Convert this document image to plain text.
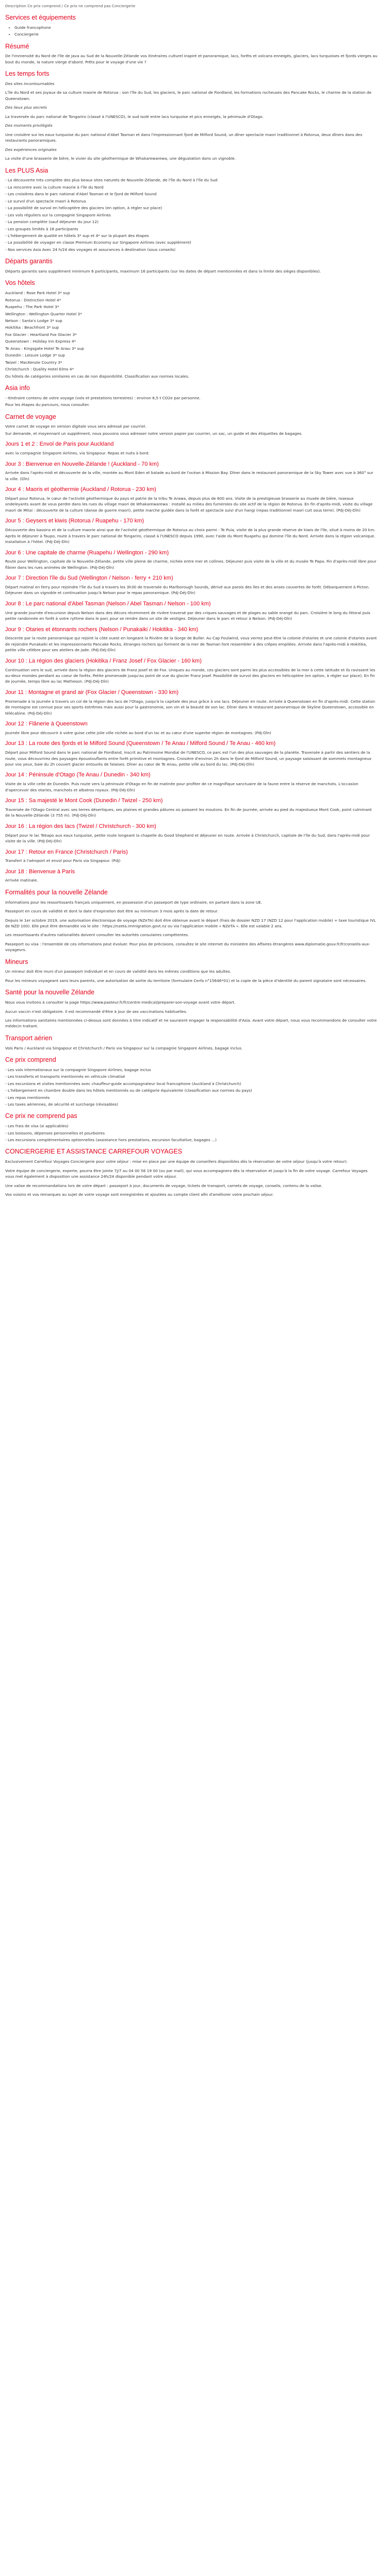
Description Ce prix comprend / Ce prix ne comprend pas Conciergerie
Services et équipements
• Guide francophone
• Conciergerie
Résumé

De l'immensité du Nord de l'île de Java au Sud de la Nouvelle-Zélande vos itinéraires culturel inspiré et panoramique, lacs, forêts et volcans enneigés, glaciers, lacs turquoises et fjords vierges au bout du monde, la nature vierge d'abord. Prêts pour le voyage d'une vie ?

Les temps forts

Des sites incontournables

L'île du Nord et ses joyaux de sa culture maorie de Rotorua : son l'île du Sud, les glaciers, le parc national de Fiordland, les formations rocheuses des Pancake Rocks, le charme de la station de Queenstown.

Des lieux plus secrets

La traversée du parc national de Tongariro (classé à l'UNESCO), le sud isolé entre lacs turquoise et pics enneigés, la péninsule d'Otago.

Des moments privilégiés

Une croisière sur les eaux turquoise du parc national d'Abel Tasman et dans l'impressionnant fjord de Milford Sound, un dîner spectacle maori traditionnel à Rotorua, deux dîners dans des restaurants panoramiques.

Des expériences originales

La visite d'une brasserie de bière, le vivier du site géothermique de Whakarewarewa, une dégustation dans un vignoble.

Les PLUS Asia

- La découverte très complète des plus beaux sites naturels de Nouvelle-Zélande, de l'île du Nord à l'île du Sud

- La rencontre avec la culture maorie à l'île du Nord

- Les croisières dans le parc national d'Abel Tasman et le fjord de Milford Sound

- Le survol d'un spectacle maori à Rotorua

- La possibilité de survol en hélicoptère des glaciers (en option, à régler sur place)

- Les vols réguliers sur la compagnie Singapore Airlines

- La pension complète (sauf déjeuner du jour 12)

- Les groupes limités à 16 participants

- L'hébergement de qualité en hôtels 3* sup et 4* sur la plupart des étapes

- La possibilité de voyager en classe Premium Economy sur Singapore Airlines (avec supplément)

- Nos services Asia Avec 24 h/24 des voyages et assurances à destination (sous conseils)

Départs garantis

Départs garantis sans supplément minimum 6 participants, maximum 16 participants (sur les dates de départ mentionnées et dans la limite des sièges disponibles).

Vos hôtels

Auckland : Rose Park Hotel 3* sup

Rotorua : Distinction Hotel 4*

Ruapehu : The Park Hotel 3*

Wellington : Wellington Quarter Hotel 3*

Nelson : Santa's Lodge 3* sup

Hokitika : Beachfront 3* sup

Fox Glacier : Heartland Fox Glacier 3*

Queenstown : Holiday Inn Express 4*

Te Anau : Kingsgate Hotel Te Anau 3* sup

Dunedin : Leisure Lodge 3* sup

Twizel : MacKenzie Country 3*

Christchurch : Quality Hotel Elms 4*

Ou hôtels de catégories similaires en cas de non disponibilité. Classification aux normes locales.

Asia info

- Itinéraire contenu de votre voyage (vols et prestations terrestres) : environ 6,5 t CO2e par personne.

Pour les étapes du parcours, nous consulter.

Carnet de voyage

Votre carnet de voyage en version digitale vous sera adressé par courriel.

Sur demande, et moyennant un supplément, nous pouvons vous adresser notre version papier par courrier, un sac, un guide et des étiquettes de bagages.

Jours 1 et 2 : Envol de Paris pour Auckland

avec la compagnie Singapore Airlines, via Singapour. Repas et nuits à bord.

Jour 3 : Bienvenue en Nouvelle-Zélande ! (Auckland - 70 km)

Arrivée dans l'après-midi et découverte de la ville, montée au Mont Eden et balade au bord de l'océan à Mission Bay. Dîner dans le restaurant panoramique de la Sky Tower avec vue à 360° sur la ville. (Dîn)

Jour 4 : Maoris et géothermie (Auckland / Rotorua - 230 km)

Départ pour Rotorua, le cœur de l'activité géothermique du pays et patrie de la tribu Te Arawa, depuis plus de 600 ans. Visite de la prestigieuse brasserie au musée de bière, roseaux ondeleyants avant de vous perdre dans les rues du village maori de Whakarewarewa : installé au milieu des fumeroles du site actif de la région de Rotorua. En fin d'après-midi, visite du village maori de Mitai : découverte de la culture (danse de guerre maori), petite marche guidée dans la forêt et spectacle suivi d'un hangi (repas traditionnel maori cuit sous terre). (Pdj-Déj-Dîn)

Jour 5 : Geysers et kiwis (Rotorua / Ruapehu - 170 km)

Découverte des bassins et de la culture maorie ainsi que de l'activité géothermique de Rotorua au choix parmi : Te Puia, visite de la plus grande réserve de kiwis de l'île, situé à moins de 20 km. Après le déjeuner à Taupo, route à travers le parc national de Tongariro, classé à l'UNESCO depuis 1990, avec l'aide du Mont Ruapehu qui domine l'île du Nord. Arrivée dans la région volcanique. Installation à l'hôtel. (Pdj-Déj-Dîn)

Jour 6 : Une capitale de charme (Ruapehu / Wellington - 290 km)

Route pour Wellington, capitale de la Nouvelle-Zélande, petite ville pleine de charme, nichée entre mer et collines. Déjeuner puis visite de la ville et du musée Te Papa. Fin d'après-midi libre pour flâner dans les rues animées de Wellington. (Pdj-Déj-Dîn)

Jour 7 : Direction l'île du Sud (Wellington / Nelson - ferry + 210 km)

Départ matinal en ferry pour rejoindre l'île du Sud à travers les 3h30 de traversée du Marlborough Sounds, dérivé aux parois des îles et des anses couvertes de forêt. Débarquement à Picton. Déjeuner dans un vignoble et continuation jusqu'à Nelson pour le repas panoramique. (Pdj-Déj-Dîn)

Jour 8 : Le parc national d'Abel Tasman (Nelson / Abel Tasman / Nelson - 100 km)

Une grande journée d'excursion depuis Nelson dans des décors récemment de rivière traversé par des criques sauvages et de plages au sable orangé du parc. Croisière le long du littoral puis petite randonnée en forêt à votre rythme dans le parc pour se rendre dans un site de vestiges. Déjeuner dans le parc et retour à Nelson. (Pdj-Déj-Dîn)

Jour 9 : Otaries et étonnants rochers (Nelson / Punakaiki / Hokitika - 340 km)

Descente par la route panoramique qui rejoint la côte ouest en longeant la Rivière de la Gorge de Buller. Au Cap Foulwind, vous verrez peut-être la colonie d'otaries et une colonie d'otaries avant de rejoindre Punakaiki et les impressionnants Pancake Rocks, étranges rochers qui forment de la mer de Tasman font ressembler à des crêpes empilées. Arrivée dans l'après-midi à Hokitika, petite ville célèbre pour ses ateliers de jade. (Pdj-Déj-Dîn)

Jour 10 : La région des glaciers (Hokitika / Franz Josef / Fox Glacier - 160 km)

Continuation vers le sud, arrivée dans la région des glaciers de Franz Josef et de Fox. Uniques au monde, ces glaciers sont parmi les plus accessibles de la mer à cette latitude et ils ravissent les au-deux mondes pendant au coeur de forêts. Petite promenade jusqu'au point de vue du glacier Franz Josef. Possibilité de survol des glaciers en hélicoptère (en option, à régler sur place). En fin de journée, temps libre au lac Matheson. (Pdj-Déj-Dîn)

Jour 11 : Montagne et grand air (Fox Glacier / Queenstown - 330 km)

Promenade à la journée à travers un col de la région des lacs de l'Otago, jusqu'à la capitale des jeux grâce à vos lacs. Déjeuner en route. Arrivée à Queenstown en fin d'après-midi. Cette station de montagne est connue pour ses sports extrêmes mais aussi pour la gastronomie, son vin et la beauté de son lac. Dîner dans le restaurant panoramique de Skyline Queenstown, accessible en télécabine. (Pdj-Déj-Dîn)

Jour 12 : Flânerie à Queenstown

Journée libre pour découvrir à votre guise cette jolie ville nichée au bord d'un lac et au cœur d'une superbe région de montagnes. (Pdj-Dîn)

Jour 13 : La route des fjords et le Milford Sound (Queenstown / Te Anau / Milford Sound / Te Anau - 460 km)

Départ pour Milford Sound dans le parc national de Fiordland, inscrit au Patrimoine Mondial de l'UNESCO, ce parc est l'un des plus sauvages de la planète. Traversée à partir des sentiers de la route, vous découvrirez des paysages époustouflants entre forêt primitive et montagnes. Croisière d'environ 2h dans le fjord de Milford Sound, un paysage saisissant de sommets montagneux pour vos yeux, baie du 2h couvert glacier entourés de falaises. Dîner au cœur de Te Anau, petite ville au bord du lac. (Pdj-Déj-Dîn)

Jour 14 : Péninsule d'Otago (Te Anau / Dunedin - 340 km)

Visite de la ville celte de Dunedin. Puis route vers la péninsule d'Otago en fin de matinée pour profiter de ce magnifique sanctuaire de la faune entre la réserve de manchots. L'occasion d'apercevoir des otaries, manchots et albatros royaux. (Pdj-Déj-Dîn)

Jour 15 : Sa majesté le Mont Cook (Dunedin / Twizel - 250 km)

Traversée de l'Otago Central avec ses terres désertiques, ses plaines et grandes pâtures où paissent les moutons. En fin de journée, arrivée au pied du majestueux Mont Cook, point culminant de la Nouvelle-Zélande (3 755 m). (Pdj-Déj-Dîn)

Jour 16 : La région des lacs (Twizel / Christchurch - 300 km)

Départ pour le lac Tekapo aux eaux turquoise, petite route longeant la chapelle du Good Shepherd et déjeuner en route. Arrivée à Christchurch, capitale de l'île du Sud, dans l'après-midi pour visite de la ville. (Pdj-Déj-Dîn)

Jour 17 : Retour en France (Christchurch / Paris)

Transfert à l'aéroport et envol pour Paris via Singapour. (Pdj)

Jour 18 : Bienvenue à Paris

Arrivée matinale.

Formalités pour la nouvelle Zélande

Informations pour les ressortissants français uniquement, en possession d'un passeport de type ordinaire, en partant dans la zone UE.

Passeport en cours de validité et dont la date d'expiration doit être au minimum 3 mois après la date de retour.

Depuis le 1er octobre 2019, une autorisation électronique de voyage (NZeTA) doit être obtenue avant le départ (frais de dossier NZD 17 (NZD 12 pour l'application mobile) + taxe touristique IVL de NZD 100). Elle peut être demandée via le site : https://nzeta.immigration.govt.nz ou via l'application mobile « NZeTA ». Elle est valable 2 ans.

Les ressortissants d'autres nationalités doivent consulter les autorités consulaires compétentes.

Passeport ou visa : l'ensemble de ces informations peut évoluer. Pour plus de précisions, consultez le site internet du ministère des Affaires étrangères www.diplomatie.gouv.fr/fr/conseils-aux-voyageurs.

Mineurs

Un mineur doit être muni d'un passeport individuel et en cours de validité dans les mêmes conditions que les adultes.

Pour les mineurs voyageant sans leurs parents, une autorisation de sortie du territoire (formulaire Cerfa n°15646*01) et la copie de la pièce d'identité du parent signataire sont nécessaires.

Santé pour la nouvelle Zélande

Nous vous invitons à consulter la page https://www.pasteur.fr/fr/centre-medical/preparer-son-voyage avant votre départ.

Aucun vaccin n'est obligatoire. Il est recommandé d'être à jour de ses vaccinations habituelles.

Les informations sanitaires mentionnées ci-dessus sont données à titre indicatif et ne sauraient engager la responsabilité d'Asia. Avant votre départ, nous vous recommandons de consulter votre médecin traitant.

Transport aérien

Vols Paris / Auckland via Singapour et Christchurch / Paris via Singapour sur la compagnie Singapore Airlines, bagage inclus.

Ce prix comprend

- Les vols internationaux sur la compagnie Singapore Airlines, bagage inclus

- Les transferts et transports mentionnés en véhicule climatisé

- Les excursions et visites mentionnées avec chauffeur-guide accompagnateur local francophone (Auckland à Christchurch)

- L'hébergement en chambre double dans les hôtels mentionnés ou de catégorie équivalente (classification aux normes du pays)

- Les repas mentionnés

- Les taxes aériennes, de sécurité et surcharge (révisables)

Ce prix ne comprend pas

- Les frais de visa (si applicables)

- Les boissons, dépenses personnelles et pourboires

- Les excursions complémentaires optionnelles (assistance hors prestations, excursion facultative, bagages ...)

CONCIERGERIE ET ASSISTANCE CARREFOUR VOYAGES

Exclusivement Carrefour Voyages Conciergerie pour votre séjour : mise en place par une équipe de conseillers disponibles dès la réservation de votre séjour (jusqu'à votre retour).

Votre équipe de conciergerie, experte, pourra être jointe 7j/7 au 04 00 56 19 00 (ou par mail), qui vous accompagnera dès la réservation et jusqu'à la fin de votre voyage. Carrefour Voyages vous met également à disposition une assistance 24h/24 disponible pendant votre séjour.

Une valise de recommandations lors de votre départ : passeport à jour, documents de voyage, tickets de transport, carnets de voyage, conseils, contenu de la valise.

Vos voisins et vos remarques au sujet de votre voyage sont enregistrées et ajoutées au compte client afin d'améliorer votre prochain séjour.
